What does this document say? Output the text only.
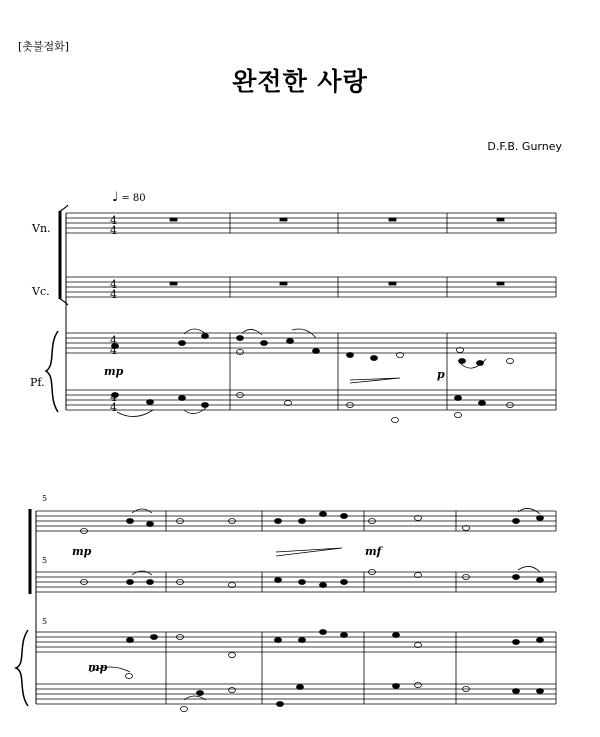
[촛불점화]
완전한 사랑
D.F.B. Gurney
♩ = 80
Vn.
Vc.
Pf.
mp	p
mp	mf
mp
5
5
5
4
4
4
4
4
4
4
4
